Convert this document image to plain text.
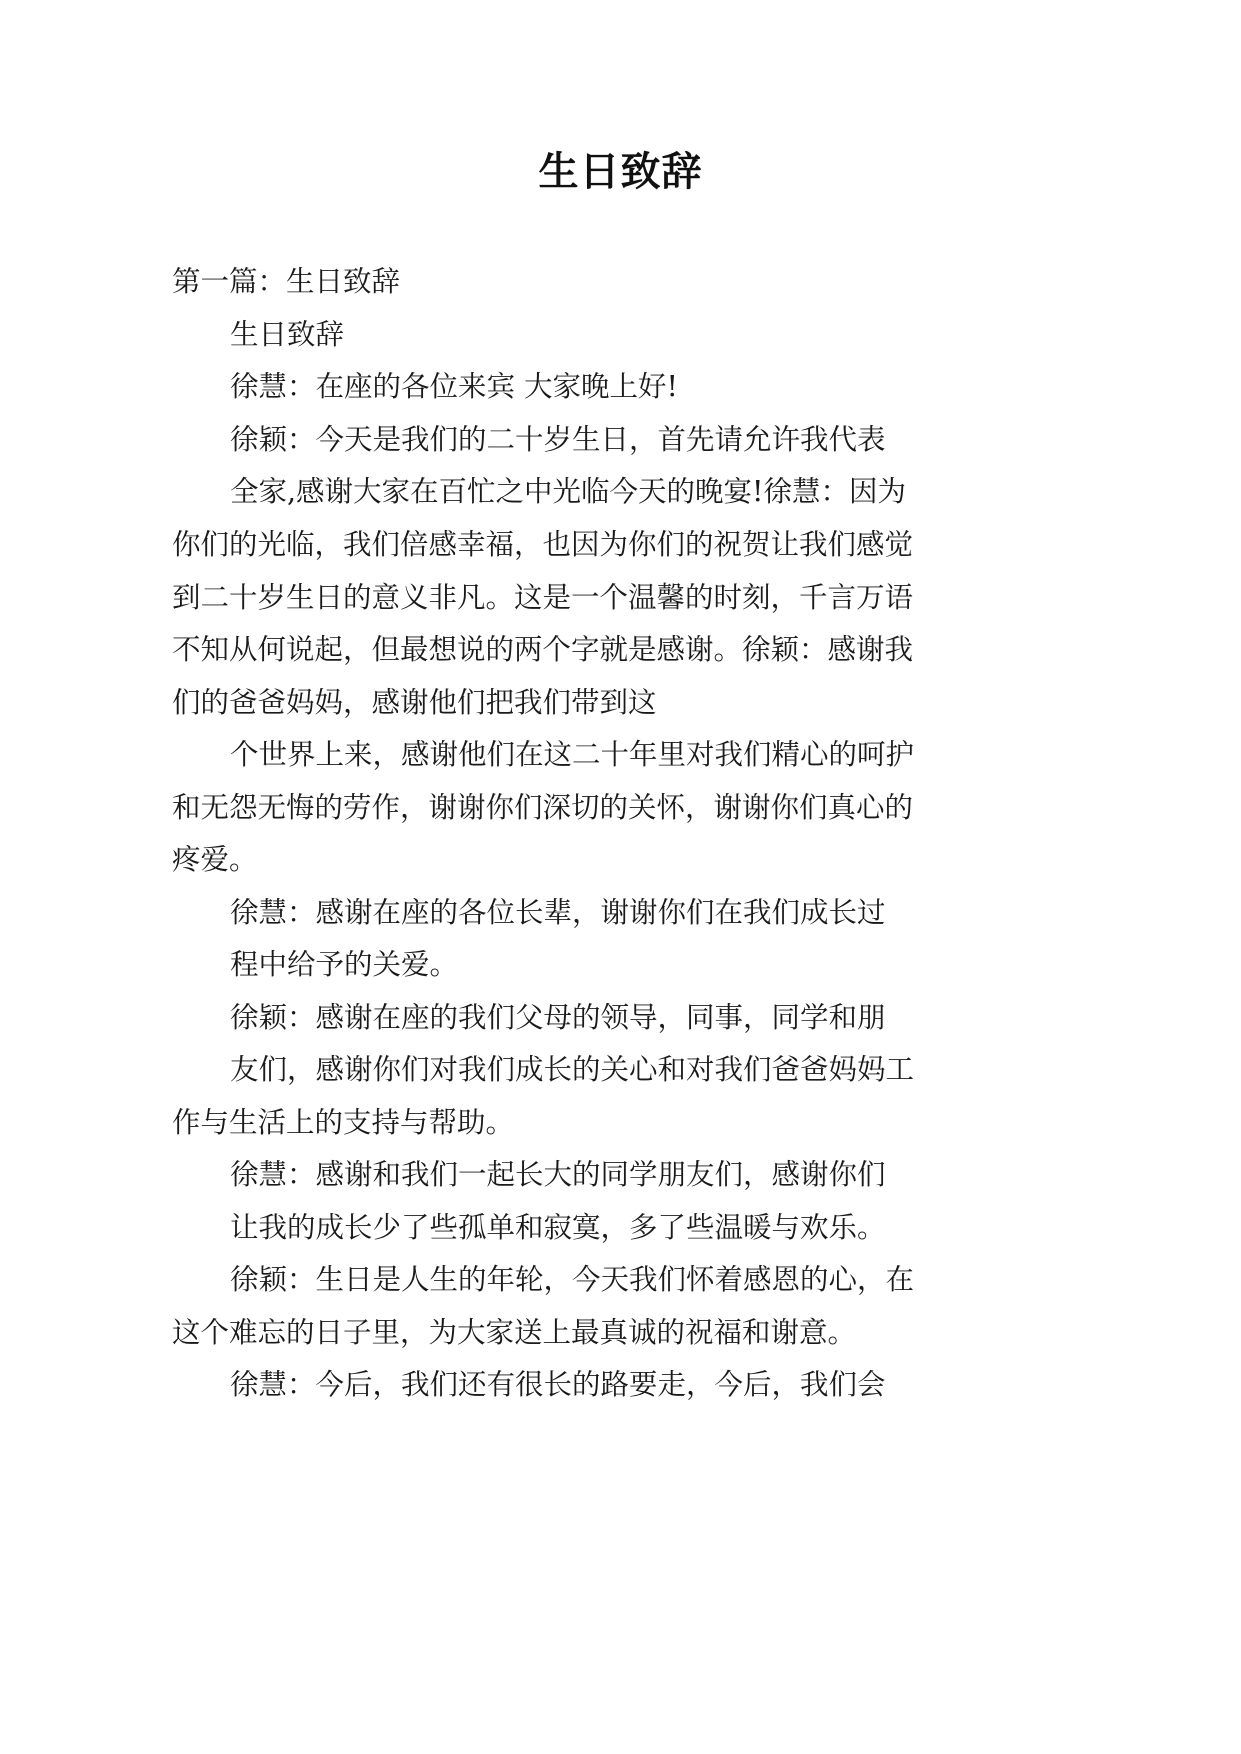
生日致辞
第一篇：生日致辞
生日致辞
徐慧：在座的各位来宾 大家晚上好!
徐颖：今天是我们的二十岁生日，首先请允许我代表
全家,感谢大家在百忙之中光临今天的晚宴!徐慧：因为
你们的光临，我们倍感幸福，也因为你们的祝贺让我们感觉
到二十岁生日的意义非凡。这是一个温馨的时刻，千言万语
不知从何说起，但最想说的两个字就是感谢。徐颖：感谢我
们的爸爸妈妈，感谢他们把我们带到这
个世界上来，感谢他们在这二十年里对我们精心的呵护
和无怨无悔的劳作，谢谢你们深切的关怀，谢谢你们真心的
疼爱。
徐慧：感谢在座的各位长辈，谢谢你们在我们成长过
程中给予的关爱。
徐颖：感谢在座的我们父母的领导，同事，同学和朋
友们，感谢你们对我们成长的关心和对我们爸爸妈妈工
作与生活上的支持与帮助。
徐慧：感谢和我们一起长大的同学朋友们，感谢你们
让我的成长少了些孤单和寂寞，多了些温暖与欢乐。
徐颖：生日是人生的年轮，今天我们怀着感恩的心，在
这个难忘的日子里，为大家送上最真诚的祝福和谢意。
徐慧：今后，我们还有很长的路要走，今后，我们会
